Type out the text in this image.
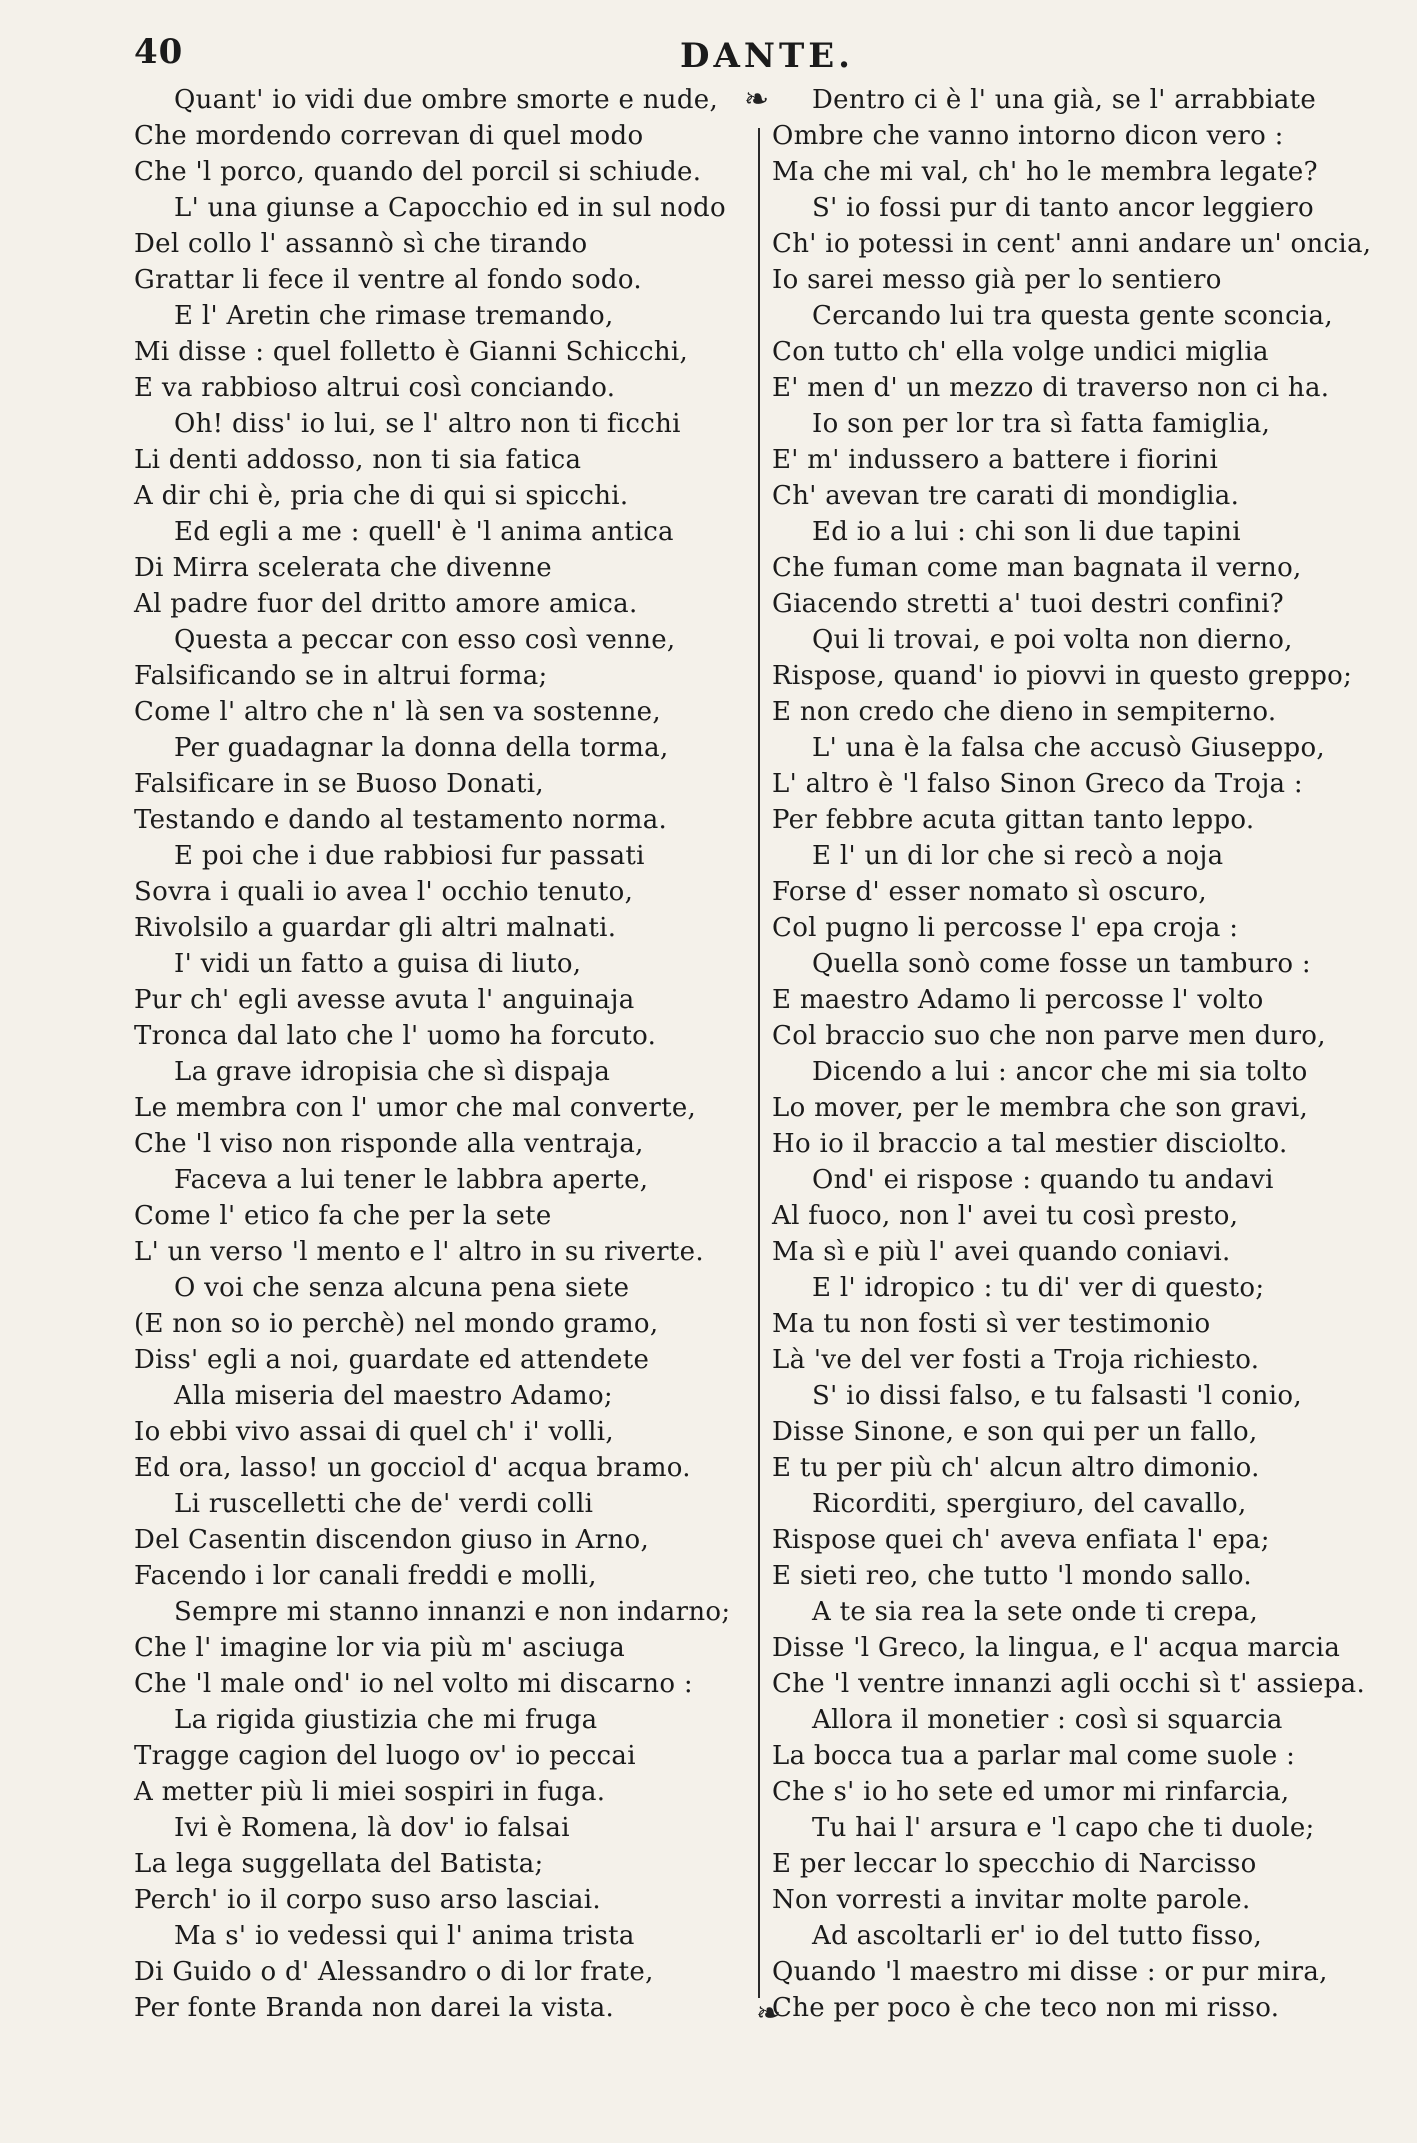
40	DANTE.
Quant' io vidi due ombre smorte e nude,
Che mordendo correvan di quel modo
Che 'l porco, quando del porcil si schiude.
L' una giunse a Capocchio ed in sul nodo
Del collo l' assannò sì che tirando
Grattar li fece il ventre al fondo sodo.
E l' Aretin che rimase tremando,
Mi disse : quel folletto è Gianni Schicchi,
E va rabbioso altrui così conciando.
Oh! diss' io lui, se l' altro non ti ficchi
Li denti addosso, non ti sia fatica
A dir chi è, pria che di qui si spicchi.
Ed egli a me : quell' è 'l anima antica
Di Mirra scelerata che divenne
Al padre fuor del dritto amore amica.
Questa a peccar con esso così venne,
Falsificando se in altrui forma;
Come l' altro che n' là sen va sostenne,
Per guadagnar la donna della torma,
Falsificare in se Buoso Donati,
Testando e dando al testamento norma.
E poi che i due rabbiosi fur passati
Sovra i quali io avea l' occhio tenuto,
Rivolsilo a guardar gli altri malnati.
I' vidi un fatto a guisa di liuto,
Pur ch' egli avesse avuta l' anguinaja
Tronca dal lato che l' uomo ha forcuto.
La grave idropisia che sì dispaja
Le membra con l' umor che mal converte,
Che 'l viso non risponde alla ventraja,
Faceva a lui tener le labbra aperte,
Come l' etico fa che per la sete
L' un verso 'l mento e l' altro in su riverte.
O voi che senza alcuna pena siete
(E non so io perchè) nel mondo gramo,
Diss' egli a noi, guardate ed attendete
Alla miseria del maestro Adamo;
Io ebbi vivo assai di quel ch' i' volli,
Ed ora, lasso! un gocciol d' acqua bramo.
Li ruscelletti che de' verdi colli
Del Casentin discendon giuso in Arno,
Facendo i lor canali freddi e molli,
Sempre mi stanno innanzi e non indarno;
Che l' imagine lor via più m' asciuga
Che 'l male ond' io nel volto mi discarno :
La rigida giustizia che mi fruga
Tragge cagion del luogo ov' io peccai
A metter più li miei sospiri in fuga.
Ivi è Romena, là dov' io falsai
La lega suggellata del Batista;
Perch' io il corpo suso arso lasciai.
Ma s' io vedessi qui l' anima trista
Di Guido o d' Alessandro o di lor frate,
Per fonte Branda non darei la vista.
Dentro ci è l' una già, se l' arrabbiate
Ombre che vanno intorno dicon vero :
Ma che mi val, ch' ho le membra legate?
S' io fossi pur di tanto ancor leggiero
Ch' io potessi in cent' anni andare un' oncia,
Io sarei messo già per lo sentiero
Cercando lui tra questa gente sconcia,
Con tutto ch' ella volge undici miglia
E' men d' un mezzo di traverso non ci ha.
Io son per lor tra sì fatta famiglia,
E' m' indussero a battere i fiorini
Ch' avevan tre carati di mondiglia.
Ed io a lui : chi son li due tapini
Che fuman come man bagnata il verno,
Giacendo stretti a' tuoi destri confini?
Qui li trovai, e poi volta non dierno,
Rispose, quand' io piovvi in questo greppo;
E non credo che dieno in sempiterno.
L' una è la falsa che accusò Giuseppo,
L' altro è 'l falso Sinon Greco da Troja :
Per febbre acuta gittan tanto leppo.
E l' un di lor che si recò a noja
Forse d' esser nomato sì oscuro,
Col pugno li percosse l' epa croja :
Quella sonò come fosse un tamburo :
E maestro Adamo li percosse l' volto
Col braccio suo che non parve men duro,
Dicendo a lui : ancor che mi sia tolto
Lo mover, per le membra che son gravi,
Ho io il braccio a tal mestier disciolto.
Ond' ei rispose : quando tu andavi
Al fuoco, non l' avei tu così presto,
Ma sì e più l' avei quando coniavi.
E l' idropico : tu di' ver di questo;
Ma tu non fosti sì ver testimonio
Là 've del ver fosti a Troja richiesto.
S' io dissi falso, e tu falsasti 'l conio,
Disse Sinone, e son qui per un fallo,
E tu per più ch' alcun altro dimonio.
Ricorditi, spergiuro, del cavallo,
Rispose quei ch' aveva enfiata l' epa;
E sieti reo, che tutto 'l mondo sallo.
A te sia rea la sete onde ti crepa,
Disse 'l Greco, la lingua, e l' acqua marcia
Che 'l ventre innanzi agli occhi sì t' assiepa.
Allora il monetier : così si squarcia
La bocca tua a parlar mal come suole :
Che s' io ho sete ed umor mi rinfarcia,
Tu hai l' arsura e 'l capo che ti duole;
E per leccar lo specchio di Narcisso
Non vorresti a invitar molte parole.
Ad ascoltarli er' io del tutto fisso,
Quando 'l maestro mi disse : or pur mira,
Che per poco è che teco non mi risso.
❧
❧
